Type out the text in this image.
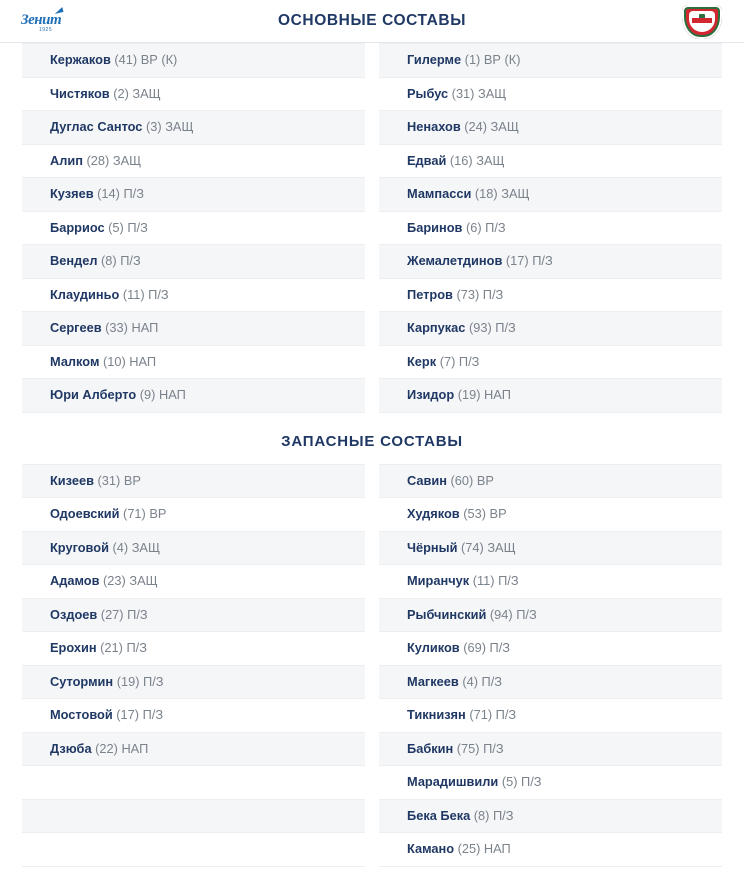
Зенит
1925
ОСНОВНЫЕ СОСТАВЫ
Кержаков (41) ВР (К)
Чистяков (2) ЗАЩ
Дуглас Сантос (3) ЗАЩ
Алип (28) ЗАЩ
Кузяев (14) П/З
Барриос (5) П/З
Вендел (8) П/З
Клаудиньо (11) П/З
Сергеев (33) НАП
Малком (10) НАП
Юри Алберто (9) НАП
Гилерме (1) ВР (К)
Рыбус (31) ЗАЩ
Ненахов (24) ЗАЩ
Едвай (16) ЗАЩ
Мампасси (18) ЗАЩ
Баринов (6) П/З
Жемалетдинов (17) П/З
Петров (73) П/З
Карпукас (93) П/З
Керк (7) П/З
Изидор (19) НАП
ЗАПАСНЫЕ СОСТАВЫ
Кизеев (31) ВР
Одоевский (71) ВР
Круговой (4) ЗАЩ
Адамов (23) ЗАЩ
Оздоев (27) П/З
Ерохин (21) П/З
Сутормин (19) П/З
Мостовой (17) П/З
Дзюба (22) НАП

Савин (60) ВР
Худяков (53) ВР
Чёрный (74) ЗАЩ
Миранчук (11) П/З
Рыбчинский (94) П/З
Куликов (69) П/З
Магкеев (4) П/З
Тикнизян (71) П/З
Бабкин (75) П/З
Марадишвили (5) П/З
Бека Бека (8) П/З
Камано (25) НАП
